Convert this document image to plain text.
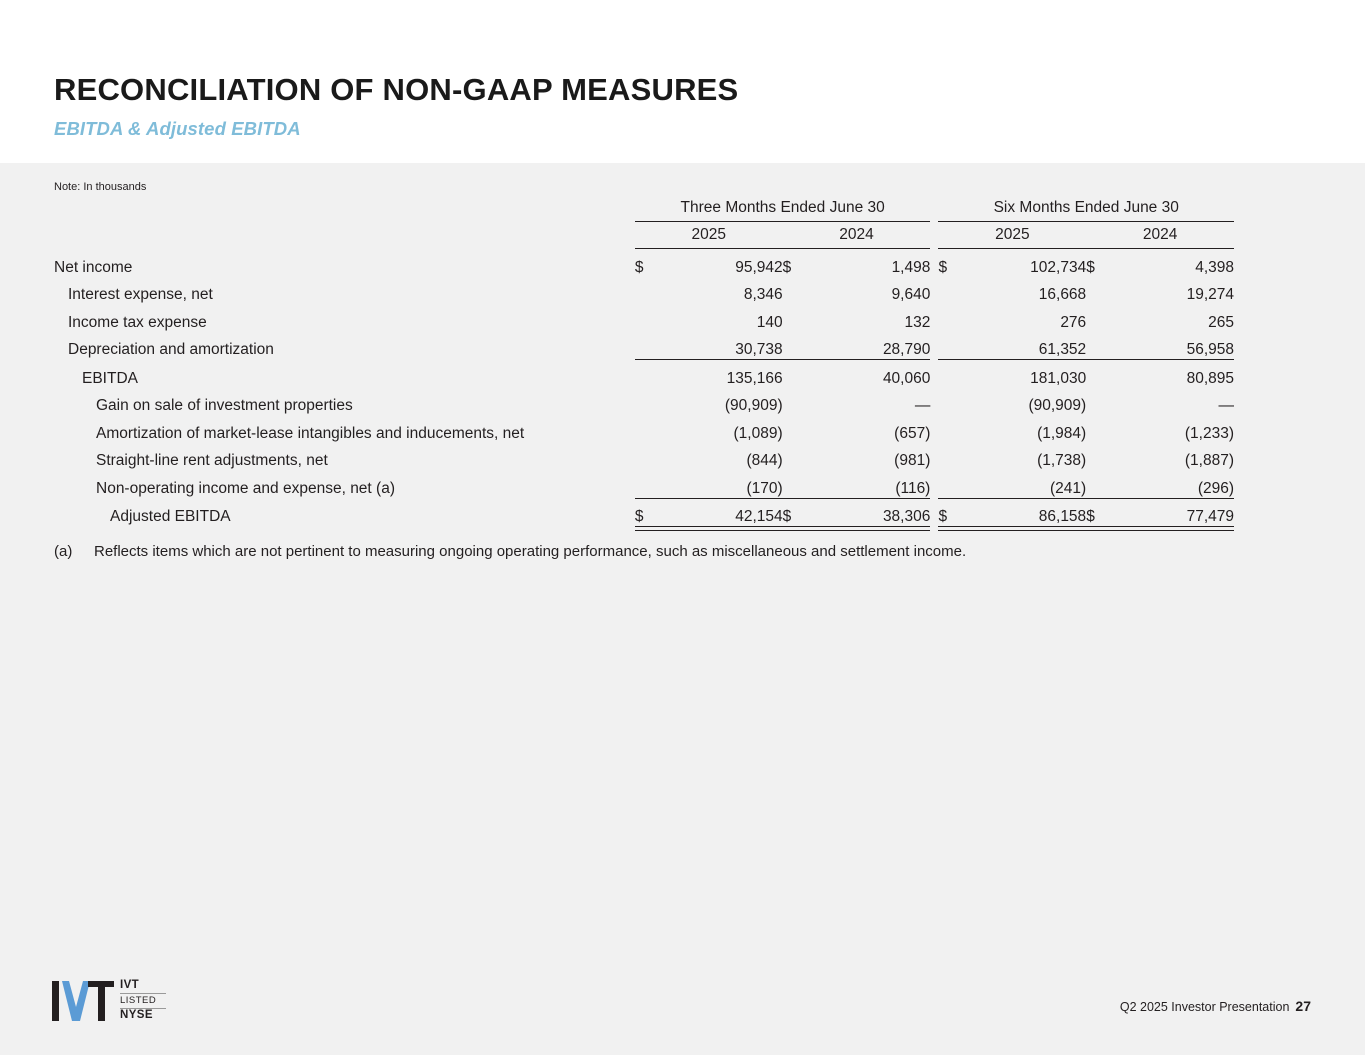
RECONCILIATION OF NON-GAAP MEASURES
EBITDA & Adjusted EBITDA
Note: In thousands

	Three Months Ended June 30					Six Months Ended June 30			

	2025		2024			2025		2024	

Net income	$	95,942	$	1,498		$	102,734	$	4,398
Interest expense, net		8,346		9,640			16,668		19,274
Income tax expense		140		132			276		265
Depreciation and amortization		30,738		28,790			61,352		56,958

EBITDA		135,166		40,060			181,030		80,895
Gain on sale of investment properties		(90,909)		—			(90,909)		—
Amortization of market-lease intangibles and inducements, net		(1,089)		(657)			(1,984)		(1,233)
Straight-line rent adjustments, net		(844)		(981)			(1,738)		(1,887)
Non-operating income and expense, net (a)		(170)		(116)			(241)		(296)

Adjusted EBITDA	$	42,154	$	38,306		$	86,158	$	77,479

(a) Reflects items which are not pertinent to measuring ongoing operating performance, such as miscellaneous and settlement income.
IVT
LISTED
NYSE
Q2 2025 Investor Presentation 27
